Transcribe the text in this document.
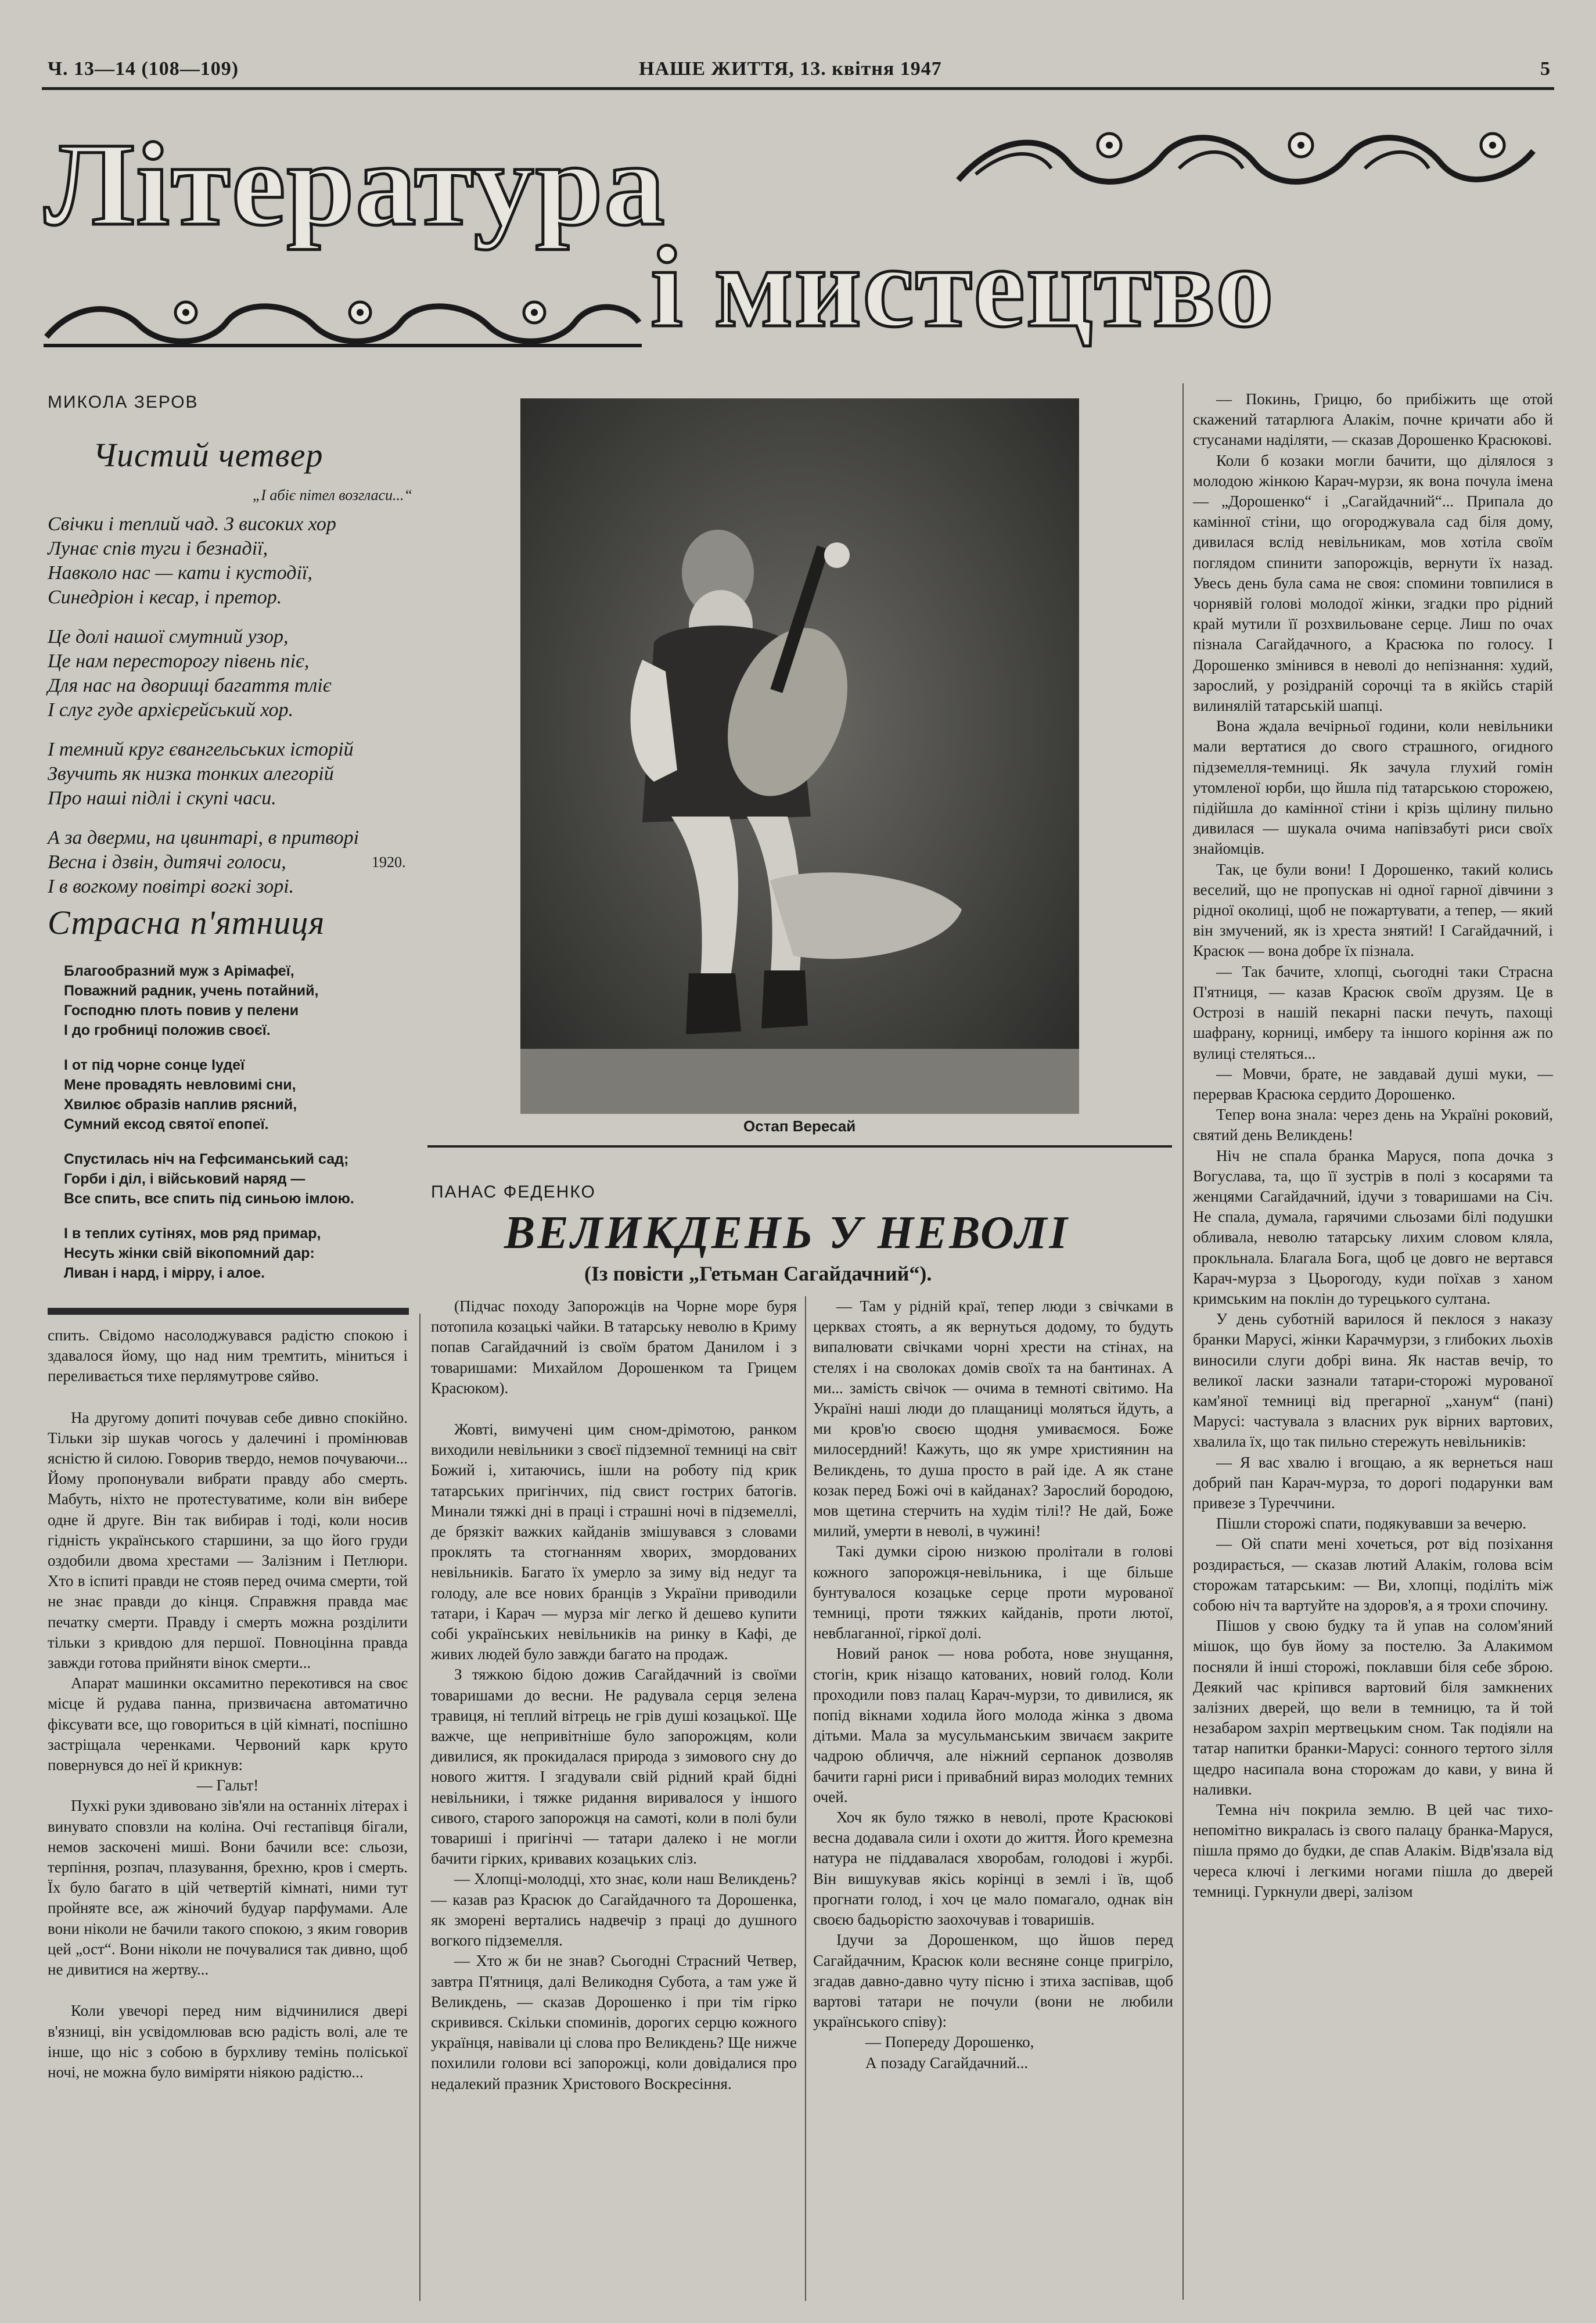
Ч. 13—14 (108—109)	НАШЕ ЖИТТЯ, 13. квітня 1947	5
Література
і мистецтво
МИКОЛА ЗЕРОВ
Чистий четвер
„І абіє пітел возгласи...“
Свічки і теплий чад. З високих хор
Лунає спів туги і безнадії,
Навколо нас — кати і кустодії,
Синедріон і кесар, і претор.
Це долі нашої смутний узор,
Це нам пересторогу півень піє,
Для нас на дворищі багаття тліє
І слуг гуде архієрейський хор.
І темний круг євангельських історій
Звучить як низка тонких алегорій
Про наші підлі і скупі часи.
А за дверми, на цвинтарі, в притворі
Весна і дзвін, дитячі голоси,
І в вогкому повітрі вогкі зорі.
1920.
Страсна п'ятниця
Благообразний муж з Арімафеї,
Поважний радник, учень потайний,
Господню плоть повив у пелени
І до гробниці положив своєї.
І от під чорне сонце Іудеї
Мене провадять невловимі сни,
Хвилює образів наплив рясний,
Сумний ексод святої епопеї.
Спустилась ніч на Гефсиманський сад;
Горби і діл, і військовий наряд —
Все спить, все спить під синьою імлою.
І в теплих сутінях, мов ряд примар,
Несуть жінки свій вікопомний дар:
Ливан і нард, і мірру, і алое.
Остап Вересай
ПАНАС ФЕДЕНКО
ВЕЛИКДЕНЬ У НЕВОЛІ
(Із повісти „Гетьман Сагайдачний“).

спить. Свідомо насолоджувався радістю спокою і здавалося йому, що над ним тремтить, міниться і переливається тихе перлямутрове сяйво.

На другому допиті почував себе дивно спокійно. Тільки зір шукав чогось у далечині і промінював ясністю й силою. Говорив твердо, немов почуваючи... Йому пропонували вибрати правду або смерть. Мабуть, ніхто не протестуватиме, коли він вибере одне й друге. Він так вибирав і тоді, коли носив гідність українського старшини, за що його груди оздобили двома хрестами — Залізним і Петлюри. Хто в іспиті правди не стояв перед очима смерти, той не знає правди до кінця. Справжня правда має печатку смерти. Правду і смерть можна розділити тільки з кривдою для першої. Повноцінна правда завжди готова прийняти вінок смерти...

Апарат машинки оксамитно перекотився на своє місце й рудава панна, призвичаєна автоматично фіксувати все, що говориться в цій кімнаті, поспішно застріщала черенками. Червоний карк круто повернувся до неї й крикнув:

— Гальт!

Пухкі руки здивовано зів'яли на останніх літерах і винувато сповзли на коліна. Очі гестапівця бігали, немов заскочені миші. Вони бачили все: сльози, терпіння, розпач, плазування, брехню, кров і смерть. Їх було багато в цій четвертій кімнаті, ними тут пройняте все, аж жіночий будуар парфумами. Але вони ніколи не бачили такого спокою, з яким говорив цей „ост“. Вони ніколи не почувалися так дивно, щоб не дивитися на жертву...

Коли увечорі перед ним відчинилися двері в'язниці, він усвідомлював всю радість волі, але те інше, що ніс з собою в бурхливу темінь поліської ночі, не можна було виміряти ніякою радістю...

(Підчас походу Запорожців на Чорне море буря потопила козацькі чайки. В татарську неволю в Криму попав Сагайдачний із своїм братом Данилом і з товаришами: Михайлом Дорошенком та Грицем Красюком).

Жовті, вимучені цим сном-дрімотою, ранком виходили невільники з своєї підземної темниці на світ Божий і, хитаючись, ішли на роботу під крик татарських пригінчих, під свист гострих батогів. Минали тяжкі дні в праці і страшні ночі в підземеллі, де брязкіт важких кайданів змішувався з словами проклять та стогнанням хворих, змордованих невільників. Багато їх умерло за зиму від недуг та голоду, але все нових бранців з України приводили татари, і Карач — мурза міг легко й дешево купити собі українських невільників на ринку в Кафі, де живих людей було завжди багато на продаж.

З тяжкою бідою дожив Сагайдачний із своїми товаришами до весни. Не радувала серця зелена травиця, ні теплий вітрець не грів душі козацької. Ще важче, ще непривітніше було запорожцям, коли дивилися, як прокидалася природа з зимового сну до нового життя. І згадували свій рідний край бідні невільники, і тяжке ридання виривалося у іншого сивого, старого запорожця на самоті, коли в полі були товариші і пригінчі — татари далеко і не могли бачити гірких, кривавих козацьких сліз.

— Хлопці-молодці, хто знає, коли наш Великдень? — казав раз Красюк до Сагайдачного та Дорошенка, як зморені вертались надвечір з праці до душного вогкого підземелля.

— Хто ж би не знав? Сьогодні Страсний Четвер, завтра П'ятниця, далі Великодня Субота, а там уже й Великдень, — сказав Дорошенко і при тім гірко скривився. Скільки споминів, дорогих серцю кожного українця, навівали ці слова про Великдень? Ще нижче похилили голови всі запорожці, коли довідалися про недалекий празник Христового Воскресіння.

— Там у рідній краї, тепер люди з свічками в церквах стоять, а як вернуться додому, то будуть випалювати свічками чорні хрести на стінах, на стелях і на сволоках домів своїх та на бантинах. А ми... замість свічок — очима в темноті світимо. На Україні наші люди до плащаниці моляться йдуть, а ми кров'ю своєю щодня умиваємося. Боже милосердний! Кажуть, що як умре християнин на Великдень, то душа просто в рай іде. А як стане козак перед Божі очі в кайданах? Зарослий бородою, мов щетина стерчить на худім тілі!? Не дай, Боже милий, умерти в неволі, в чужині!

Такі думки сірою низкою пролітали в голові кожного запорожця-невільника, і ще більше бунтувалося козацьке серце проти мурованої темниці, проти тяжких кайданів, проти лютої, невблаганної, гіркої долі.

Новий ранок — нова робота, нове знущання, стогін, крик нізащо катованих, новий голод. Коли проходили повз палац Карач-мурзи, то дивилися, як попід вікнами ходила його молода жінка з двома дітьми. Мала за мусульманським звичаєм закрите чадрою обличчя, але ніжний серпанок дозволяв бачити гарні риси і привабний вираз молодих темних очей.

Хоч як було тяжко в неволі, проте Красюкові весна додавала сили і охоти до життя. Його кремезна натура не піддавалася хворобам, голодові і журбі. Він вишукував якісь корінці в землі і їв, щоб прогнати голод, і хоч це мало помагало, однак він своєю бадьорістю заохочував і товаришів.

Ідучи за Дорошенком, що йшов перед Сагайдачним, Красюк коли весняне сонце пригріло, згадав давно-давно чуту пісню і зтиха заспівав, щоб вартові татари не почули (вони не любили українського співу):

— Попереду Дорошенко,

А позаду Сагайдачний...

— Покинь, Грицю, бо прибіжить ще отой скажений татарлюга Алакім, почне кричати або й стусанами наділяти, — сказав Дорошенко Красюкові.

Коли б козаки могли бачити, що ділялося з молодою жінкою Карач-мурзи, як вона почула імена — „Дорошенко“ і „Сагайдачний“... Припала до камінної стіни, що огороджувала сад біля дому, дивилася вслід невільникам, мов хотіла своїм поглядом спинити запорожців, вернути їх назад. Увесь день була сама не своя: спомини товпилися в чорнявій голові молодої жінки, згадки про рідний край мутили її розхвильоване серце. Лиш по очах пізнала Сагайдачного, а Красюка по голосу. І Дорошенко змінився в неволі до непізнання: худий, зарослий, у розідраній сорочці та в якійсь старій вилинялій татарській шапці.

Вона ждала вечірньої години, коли невільники мали вертатися до свого страшного, огидного підземелля-темниці. Як зачула глухий гомін утомленої юрби, що йшла під татарською сторожею, підійшла до камінної стіни і крізь щілину пильно дивилася — шукала очима напівзабуті риси своїх знайомців.

Так, це були вони! І Дорошенко, такий колись веселий, що не пропускав ні одної гарної дівчини з рідної околиці, щоб не пожартувати, а тепер, — який він змучений, як із хреста знятий! І Сагайдачний, і Красюк — вона добре їх пізнала.

— Так бачите, хлопці, сьогодні таки Страсна П'ятниця, — казав Красюк своїм друзям. Це в Острозі в нашій пекарні паски печуть, пахощі шафрану, корниці, имберу та іншого коріння аж по вулиці стеляться...

— Мовчи, брате, не завдавай душі муки, — перервав Красюка сердито Дорошенко.

Тепер вона знала: через день на Україні роковий, святий день Великдень!

Ніч не спала бранка Маруся, попа дочка з Вогуслава, та, що її зустрів в полі з косарями та женцями Сагайдачний, ідучи з товаришами на Січ. Не спала, думала, гарячими сльозами білі подушки обливала, неволю татарську лихим словом кляла, прокльнала. Благала Бога, щоб це довго не вертався Карач-мурза з Цьорогоду, куди поїхав з ханом кримським на поклін до турецького султана.

У день суботній варилося й пеклося з наказу бранки Марусі, жінки Карачмурзи, з глибоких льохів виносили слуги добрі вина. Як настав вечір, то великої ласки зазнали татари-сторожі мурованої кам'яної темниці від прегарної „ханум“ (пані) Марусі: частувала з власних рук вірних вартових, хвалила їх, що так пильно стережуть невільників:

— Я вас хвалю і вгощаю, а як вернеться наш добрий пан Карач-мурза, то дорогі подарунки вам привезе з Туреччини.

Пішли сторожі спати, подякувавши за вечерю.

— Ой спати мені хочеться, рот від позіхання роздирається, — сказав лютий Алакім, голова всім сторожам татарським: — Ви, хлопці, поділіть між собою ніч та вартуйте на здоров'я, а я трохи спочину.

Пішов у свою будку та й упав на солом'яний мішок, що був йому за постелю. За Алакимом посняли й інші сторожі, поклавши біля себе зброю. Деякий час кріпився вартовий біля замкнених залізних дверей, що вели в темницю, та й той незабаром захріп мертвецьким сном. Так подіяли на татар напитки бранки-Марусі: сонного тертого зілля щедро насипала вона сторожам до кави, у вина й наливки.

Темна ніч покрила землю. В цей час тихо-непомітно викралась із свого палацу бранка-Маруся, пішла прямо до будки, де спав Алакім. Відв'язала від череса ключі і легкими ногами пішла до дверей темниці. Гуркнули двері, залізом
